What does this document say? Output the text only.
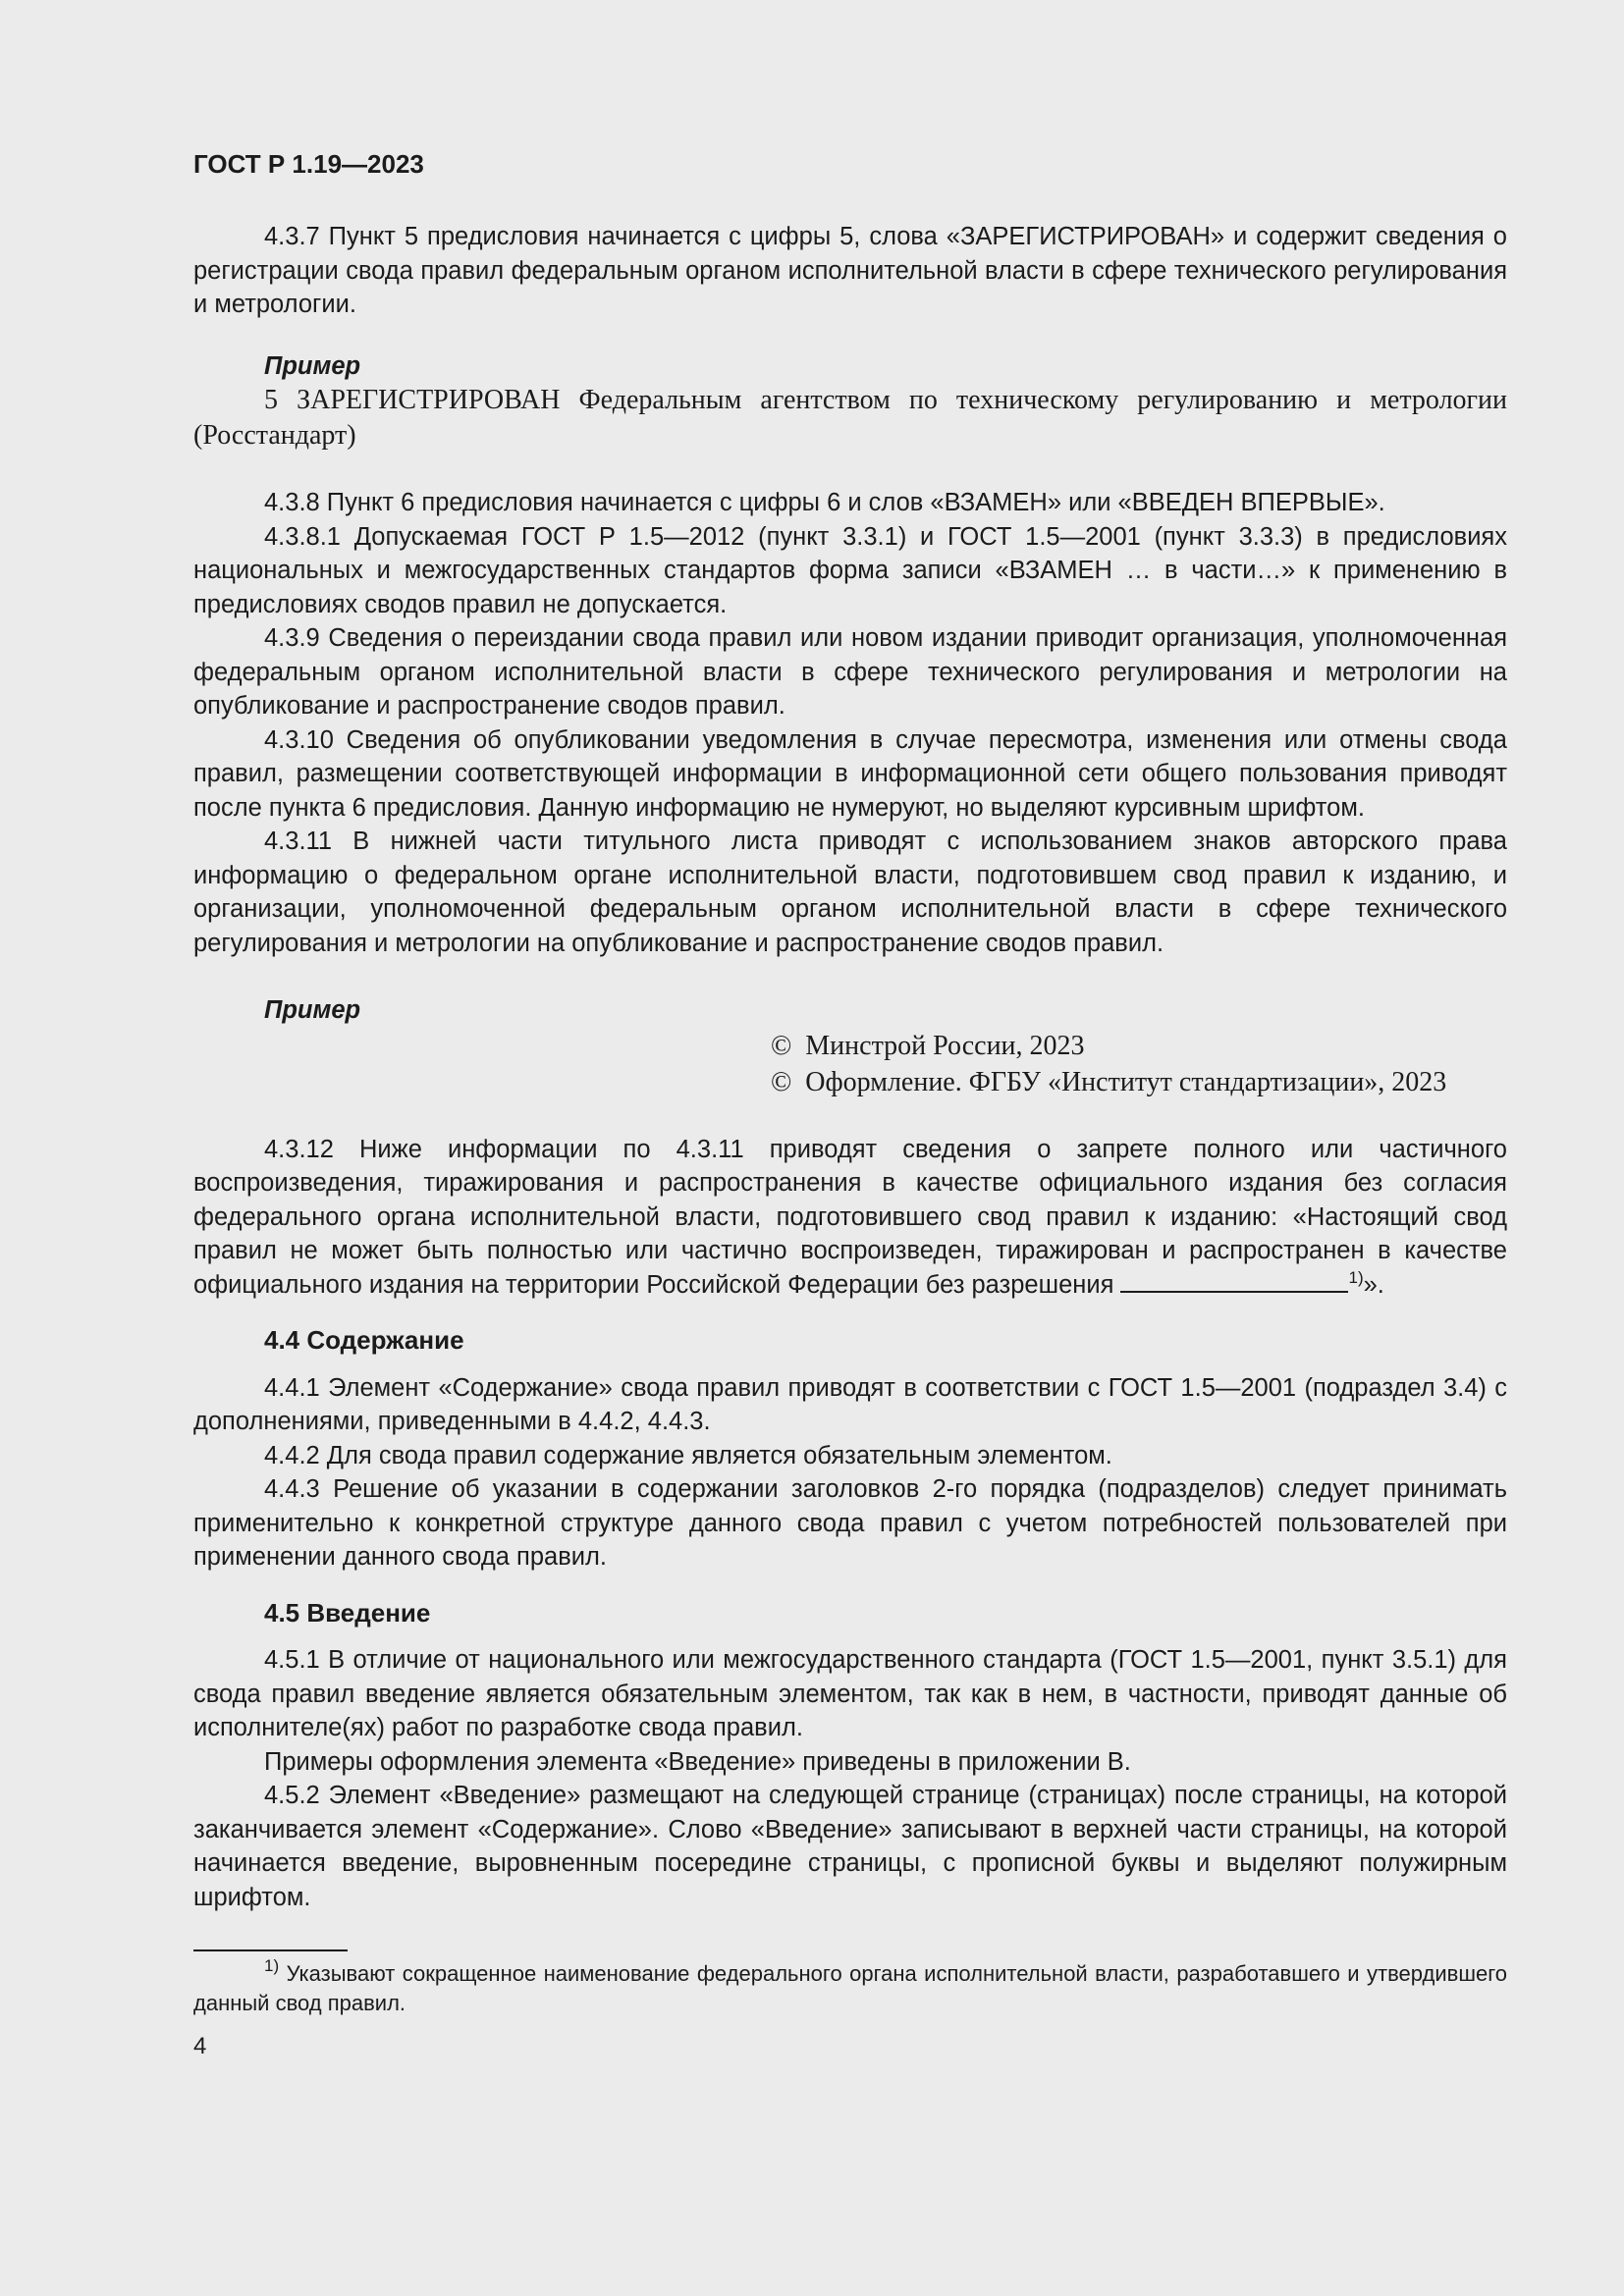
ГОСТ Р 1.19—2023

4.3.7 Пункт 5 предисловия начинается с цифры 5, слова «ЗАРЕГИСТРИРОВАН» и содержит сведения о регистрации свода правил федеральным органом исполнительной власти в сфере технического регулирования и метрологии.

Пример

5 ЗАРЕГИСТРИРОВАН Федеральным агентством по техническому регулированию и метрологии (Росстандарт)

4.3.8 Пункт 6 предисловия начинается с цифры 6 и слов «ВЗАМЕН» или «ВВЕДЕН ВПЕРВЫЕ».

4.3.8.1 Допускаемая ГОСТ Р 1.5—2012 (пункт 3.3.1) и ГОСТ 1.5—2001 (пункт 3.3.3) в предисловиях национальных и межгосударственных стандартов форма записи «ВЗАМЕН … в части…» к применению в предисловиях сводов правил не допускается.

4.3.9 Сведения о переиздании свода правил или новом издании приводит организация, уполномоченная федеральным органом исполнительной власти в сфере технического регулирования и метрологии на опубликование и распространение сводов правил.

4.3.10 Сведения об опубликовании уведомления в случае пересмотра, изменения или отмены свода правил, размещении соответствующей информации в информационной сети общего пользования приводят после пункта 6 предисловия. Данную информацию не нумеруют, но выделяют курсивным шрифтом.

4.3.11 В нижней части титульного листа приводят с использованием знаков авторского права информацию о федеральном органе исполнительной власти, подготовившем свод правил к изданию, и организации, уполномоченной федеральным органом исполнительной власти в сфере технического регулирования и метрологии на опубликование и распространение сводов правил.

Пример
© Минстрой России, 2023
© Оформление. ФГБУ «Институт стандартизации», 2023

4.3.12 Ниже информации по 4.3.11 приводят сведения о запрете полного или частичного воспроизведения, тиражирования и распространения в качестве официального издания без согласия федерального органа исполнительной власти, подготовившего свод правил к изданию: «Настоящий свод правил не может быть полностью или частично воспроизведен, тиражирован и распространен в качестве официального издания на территории Российской Федерации без разрешения	$^{1)}$».

4.4 Содержание

4.4.1 Элемент «Содержание» свода правил приводят в соответствии с ГОСТ 1.5—2001 (подраздел 3.4) с дополнениями, приведенными в 4.4.2, 4.4.3.

4.4.2 Для свода правил содержание является обязательным элементом.

4.4.3 Решение об указании в содержании заголовков 2-го порядка (подразделов) следует принимать применительно к конкретной структуре данного свода правил с учетом потребностей пользователей при применении данного свода правил.

4.5 Введение

4.5.1 В отличие от национального или межгосударственного стандарта (ГОСТ 1.5—2001, пункт 3.5.1) для свода правил введение является обязательным элементом, так как в нем, в частности, приводят данные об исполнителе(ях) работ по разработке свода правил.

Примеры оформления элемента «Введение» приведены в приложении В.

4.5.2 Элемент «Введение» размещают на следующей странице (страницах) после страницы, на которой заканчивается элемент «Содержание». Слово «Введение» записывают в верхней части страницы, на которой начинается введение, выровненным посередине страницы, с прописной буквы и выделяют полужирным шрифтом.

$^{1)}$ Указывают сокращенное наименование федерального органа исполнительной власти, разработавшего и утвердившего данный свод правил.

4
